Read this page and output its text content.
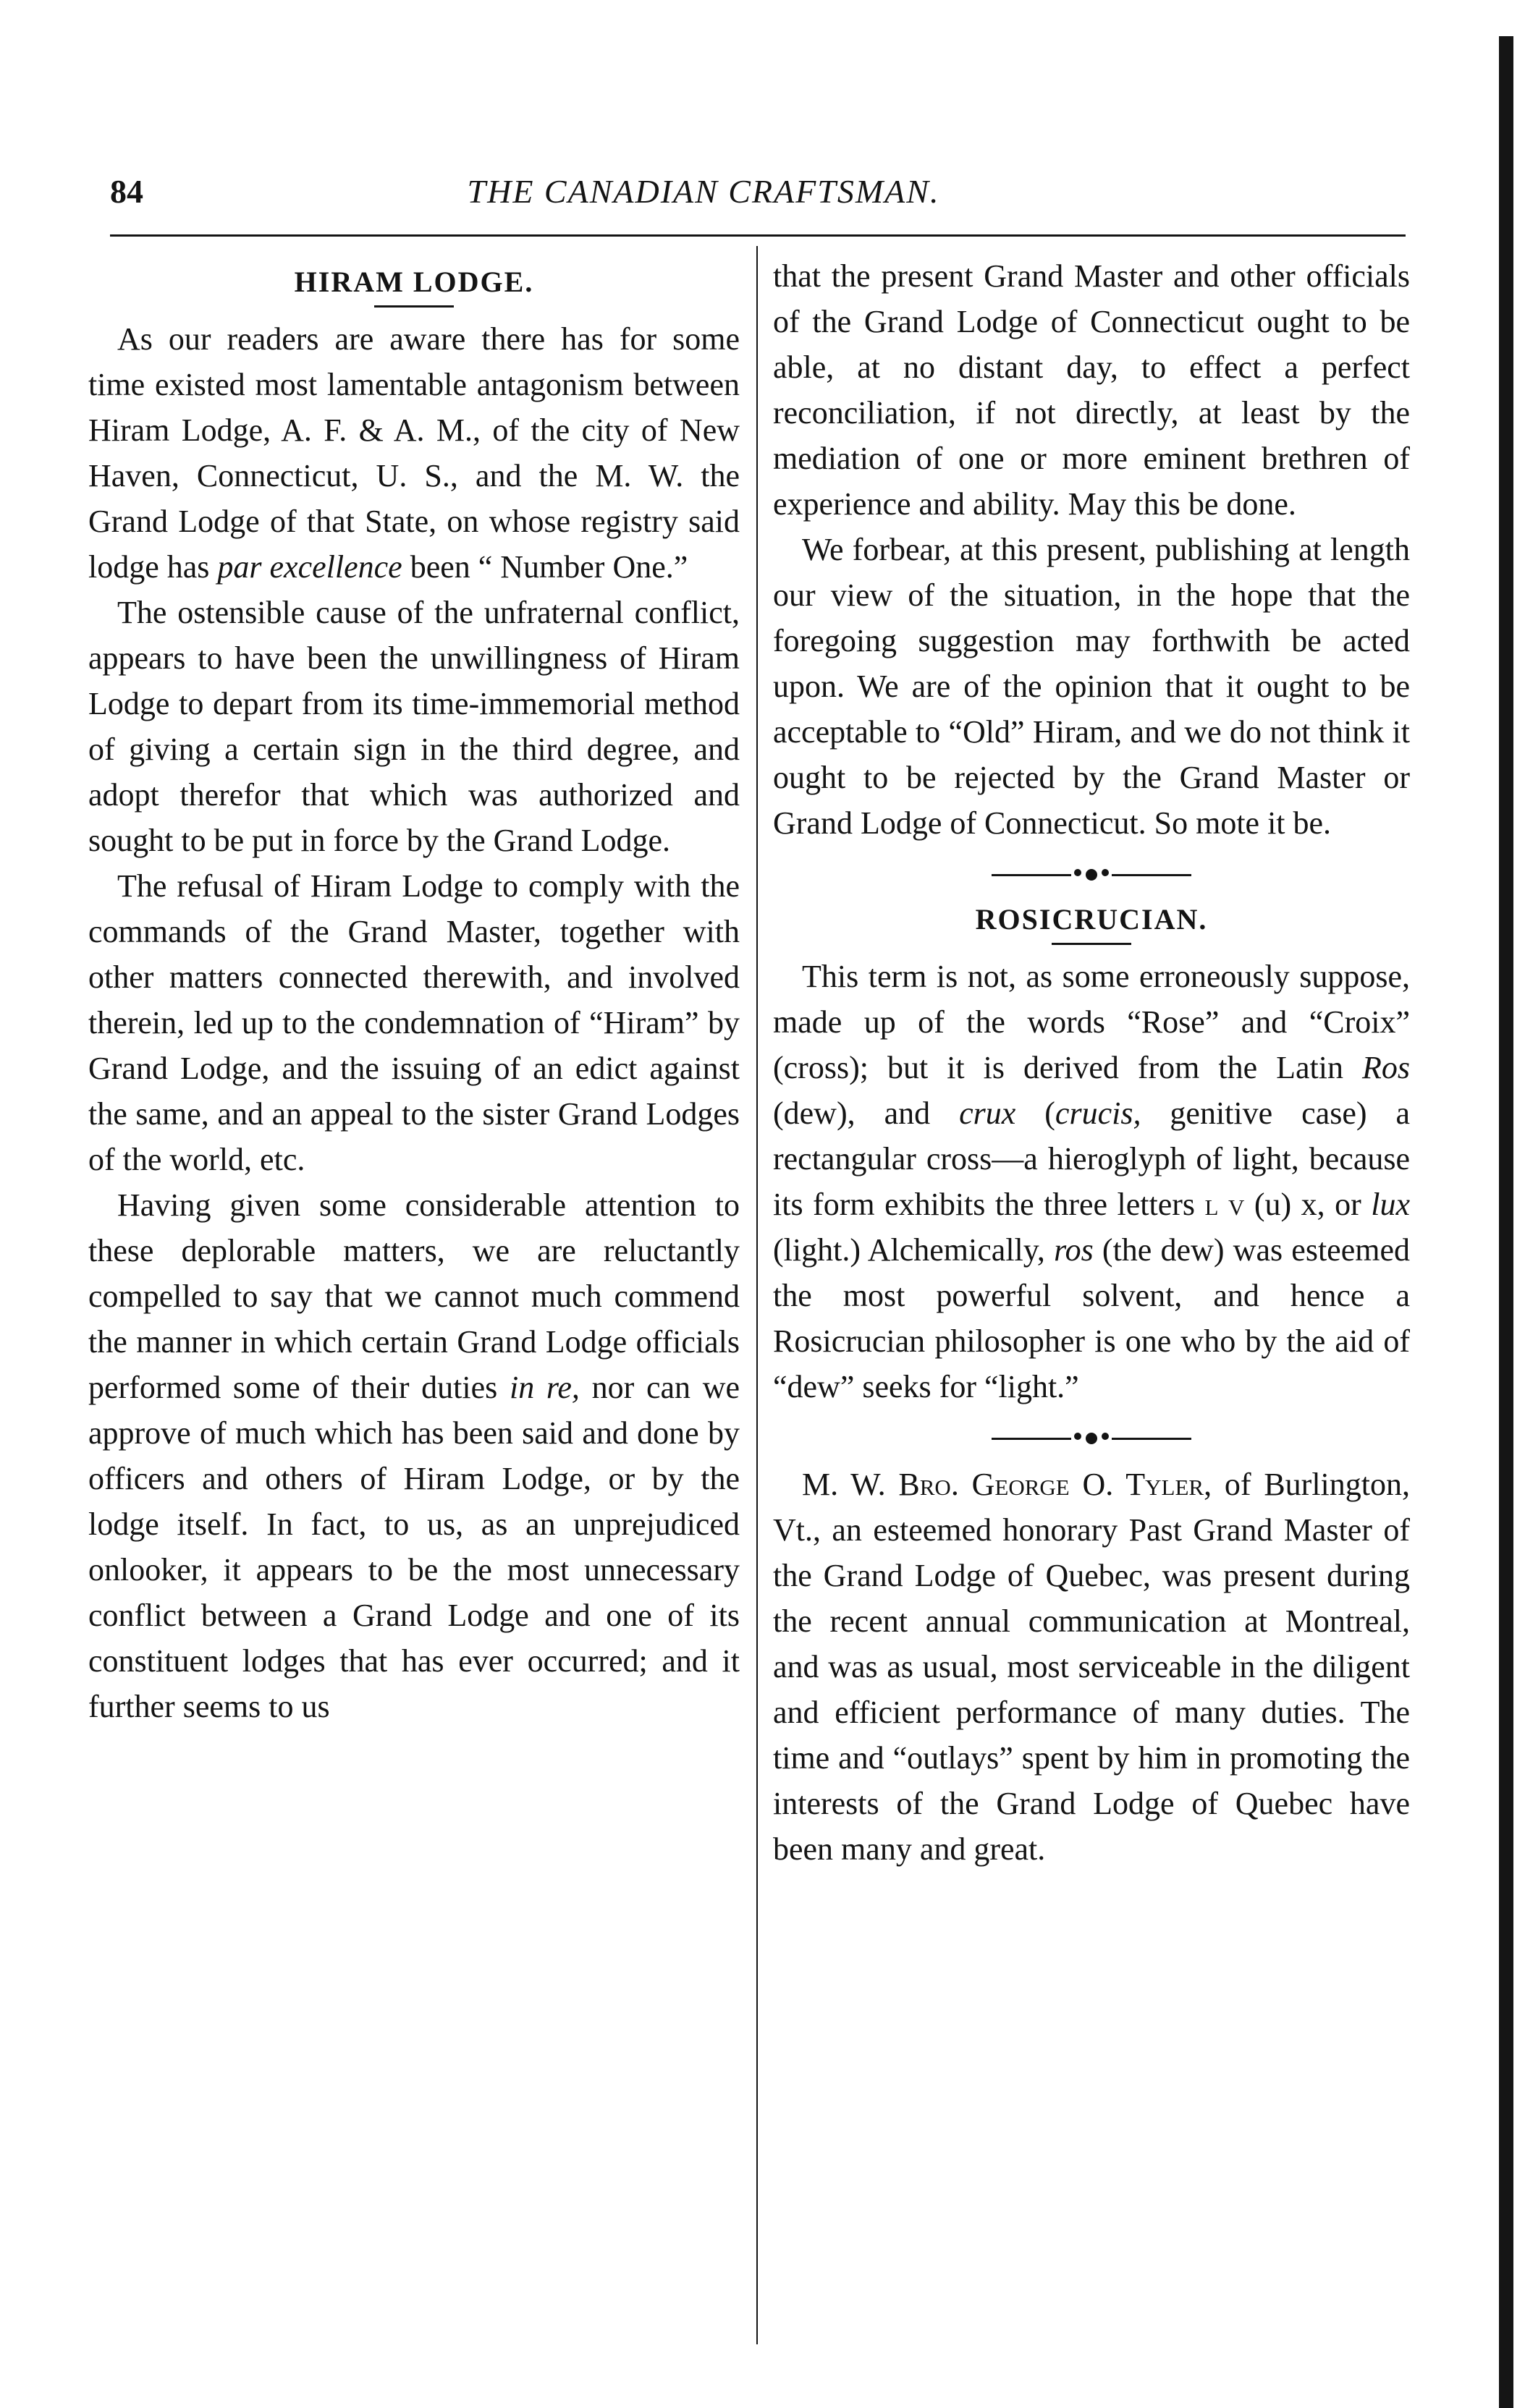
84	THE CANADIAN CRAFTSMAN.
HIRAM LODGE.

As our readers are aware there has for some time existed most lamentable antagonism between Hiram Lodge, A. F. & A. M., of the city of New Haven, Connecticut, U. S., and the M. W. the Grand Lodge of that State, on whose registry said lodge has par excellence been “ Number One.”

The ostensible cause of the unfraternal conflict, appears to have been the unwillingness of Hiram Lodge to depart from its time-immemorial method of giving a certain sign in the third degree, and adopt therefor that which was authorized and sought to be put in force by the Grand Lodge.

The refusal of Hiram Lodge to comply with the commands of the Grand Master, together with other matters connected therewith, and involved therein, led up to the condemnation of “Hiram” by Grand Lodge, and the issuing of an edict against the same, and an appeal to the sister Grand Lodges of the world, etc.

Having given some considerable attention to these deplorable matters, we are reluctantly compelled to say that we cannot much commend the manner in which certain Grand Lodge officials performed some of their duties in re, nor can we approve of much which has been said and done by officers and others of Hiram Lodge, or by the lodge itself. In fact, to us, as an unprejudiced onlooker, it appears to be the most unnecessary conflict between a Grand Lodge and one of its constituent lodges that has ever occurred; and it further seems to us

that the present Grand Master and other officials of the Grand Lodge of Connecticut ought to be able, at no distant day, to effect a perfect reconciliation, if not directly, at least by the mediation of one or more eminent brethren of experience and ability. May this be done.

We forbear, at this present, publishing at length our view of the situation, in the hope that the foregoing suggestion may forthwith be acted upon. We are of the opinion that it ought to be acceptable to “Old” Hiram, and we do not think it ought to be rejected by the Grand Master or Grand Lodge of Connecticut. So mote it be.

ROSICRUCIAN.

This term is not, as some erroneously suppose, made up of the words “Rose” and “Croix” (cross); but it is derived from the Latin Ros (dew), and crux (crucis, genitive case) a rectangular cross—a hieroglyph of light, because its form exhibits the three letters l v (u) x, or lux (light.) Alchemically, ros (the dew) was esteemed the most powerful solvent, and hence a Rosicrucian philosopher is one who by the aid of “dew” seeks for “light.”

M. W. Bro. George O. Tyler, of Burlington, Vt., an esteemed honorary Past Grand Master of the Grand Lodge of Quebec, was present during the recent annual communication at Montreal, and was as usual, most serviceable in the diligent and efficient performance of many duties. The time and “outlays” spent by him in promoting the interests of the Grand Lodge of Quebec have been many and great.
